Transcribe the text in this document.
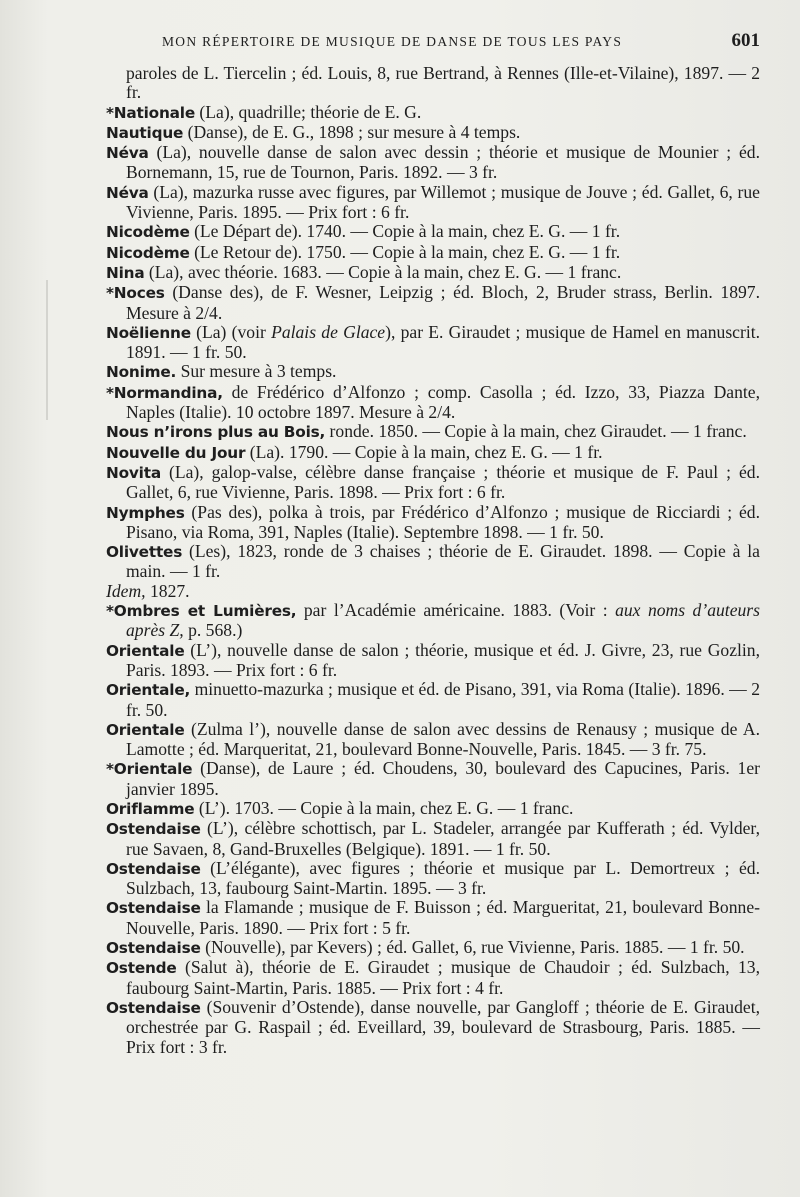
MON RÉPERTOIRE DE MUSIQUE DE DANSE DE TOUS LES PAYS	601

paroles de L. Tiercelin ; éd. Louis, 8, rue Bertrand, à Rennes (Ille-et-Vilaine), 1897. — 2 fr.

*Nationale (La), quadrille; théorie de E. G.

Nautique (Danse), de E. G., 1898 ; sur mesure à 4 temps.

Néva (La), nouvelle danse de salon avec dessin ; théorie et musique de Mounier ; éd. Bornemann, 15, rue de Tournon, Paris. 1892. — 3 fr.

Néva (La), mazurka russe avec figures, par Willemot ; musique de Jouve ; éd. Gallet, 6, rue Vivienne, Paris. 1895. — Prix fort : 6 fr.

Nicodème (Le Départ de). 1740. — Copie à la main, chez E. G. — 1 fr.

Nicodème (Le Retour de). 1750. — Copie à la main, chez E. G. — 1 fr.

Nina (La), avec théorie. 1683. — Copie à la main, chez E. G. — 1 franc.

*Noces (Danse des), de F. Wesner, Leipzig ; éd. Bloch, 2, Bruder strass, Berlin. 1897. Mesure à 2/4.

Noëlienne (La) (voir Palais de Glace), par E. Giraudet ; musique de Hamel en manuscrit. 1891. — 1 fr. 50.

Nonime. Sur mesure à 3 temps.

*Normandina, de Frédérico d’Alfonzo ; comp. Casolla ; éd. Izzo, 33, Piazza Dante, Naples (Italie). 10 octobre 1897. Mesure à 2/4.

Nous n’irons plus au Bois, ronde. 1850. — Copie à la main, chez Giraudet. — 1 franc.

Nouvelle du Jour (La). 1790. — Copie à la main, chez E. G. — 1 fr.

Novita (La), galop-valse, célèbre danse française ; théorie et musique de F. Paul ; éd. Gallet, 6, rue Vivienne, Paris. 1898. — Prix fort : 6 fr.

Nymphes (Pas des), polka à trois, par Frédérico d’Alfonzo ; musique de Ricciardi ; éd. Pisano, via Roma, 391, Naples (Italie). Septembre 1898. — 1 fr. 50.

Olivettes (Les), 1823, ronde de 3 chaises ; théorie de E. Giraudet. 1898. — Copie à la main. — 1 fr.

Idem, 1827.

*Ombres et Lumières, par l’Académie américaine. 1883. (Voir : aux noms d’auteurs après Z, p. 568.)

Orientale (L’), nouvelle danse de salon ; théorie, musique et éd. J. Givre, 23, rue Gozlin, Paris. 1893. — Prix fort : 6 fr.

Orientale, minuetto-mazurka ; musique et éd. de Pisano, 391, via Roma (Italie). 1896. — 2 fr. 50.

Orientale (Zulma l’), nouvelle danse de salon avec dessins de Renausy ; musique de A. Lamotte ; éd. Marqueritat, 21, boulevard Bonne-Nouvelle, Paris. 1845. — 3 fr. 75.

*Orientale (Danse), de Laure ; éd. Choudens, 30, boulevard des Capucines, Paris. 1er janvier 1895.

Oriflamme (L’). 1703. — Copie à la main, chez E. G. — 1 franc.

Ostendaise (L’), célèbre schottisch, par L. Stadeler, arrangée par Kufferath ; éd. Vylder, rue Savaen, 8, Gand-Bruxelles (Belgique). 1891. — 1 fr. 50.

Ostendaise (L’élégante), avec figures ; théorie et musique par L. Demortreux ; éd. Sulzbach, 13, faubourg Saint-Martin. 1895. — 3 fr.

Ostendaise la Flamande ; musique de F. Buisson ; éd. Margueritat, 21, boulevard Bonne-Nouvelle, Paris. 1890. — Prix fort : 5 fr.

Ostendaise (Nouvelle), par Kevers) ; éd. Gallet, 6, rue Vivienne, Paris. 1885. — 1 fr. 50.

Ostende (Salut à), théorie de E. Giraudet ; musique de Chaudoir ; éd. Sulzbach, 13, faubourg Saint-Martin, Paris. 1885. — Prix fort : 4 fr.

Ostendaise (Souvenir d’Ostende), danse nouvelle, par Gangloff ; théorie de E. Giraudet, orchestrée par G. Raspail ; éd. Eveillard, 39, boulevard de Strasbourg, Paris. 1885. — Prix fort : 3 fr.
